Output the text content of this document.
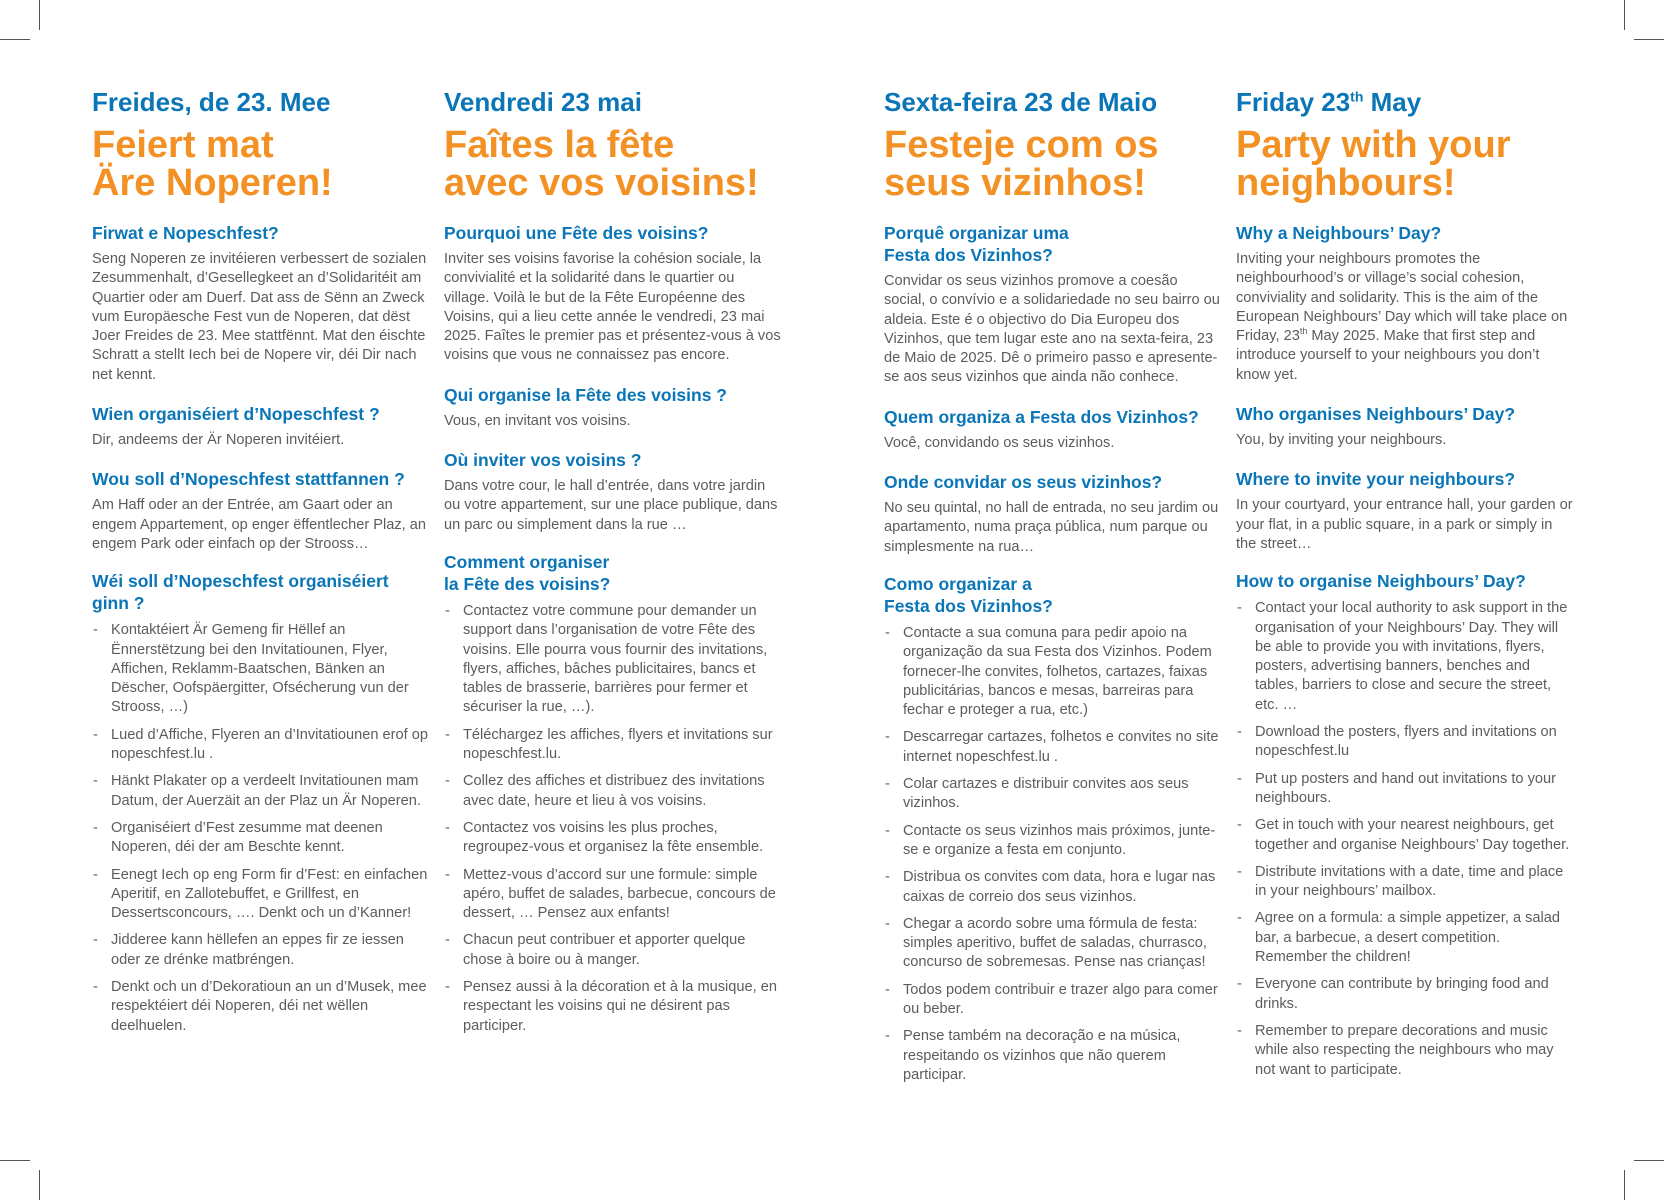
Freides, de 23. Mee

Feiert mat
Äre Noperen!
Firwat e Nopeschfest?

Seng Noperen ze invitéieren verbessert de sozialen Zesummenhalt, d’Gesellegkeet an d’Solidaritéit am Quartier oder am Duerf. Dat ass de Sënn an Zweck vum Europäesche Fest vun de Noperen, dat dëst Joer Freides de 23. Mee stattfënnt. Mat den éischte Schratt a stellt Iech bei de Nopere vir, déi Dir nach net kennt.

Wien organiséiert d’Nopeschfest ?

Dir, andeems der Är Noperen invitéiert.

Wou soll d’Nopeschfest stattfannen ?

Am Haff oder an der Entrée, am Gaart oder an engem Appartement, op enger ëffentlecher Plaz, an engem Park oder einfach op der Strooss…

Wéi soll d’Nopeschfest organiséiert
ginn ?
- Kontaktéiert Är Gemeng fir Hëllef an Ënnerstëtzung bei den Invitatiounen, Flyer, Affichen, Reklamm-Baatschen, Bänken an Dëscher, Oofspäergitter, Ofsécherung vun der Strooss, …)
- Lued d’Affiche, Flyeren an d’Invitatiounen erof op nopeschfest.lu .
- Hänkt Plakater op a verdeelt Invitatiounen mam Datum, der Auerzäit an der Plaz un Är Noperen.
- Organiséiert d’Fest zesumme mat deenen Noperen, déi der am Beschte kennt.
- Eenegt Iech op eng Form fir d’Fest: en einfachen Aperitif, en Zallotebuffet, e Grillfest, en Dessertsconcours, …. Denkt och un d’Kanner!
- Jidderee kann hëllefen an eppes fir ze iessen oder ze drénke matbréngen.
- Denkt och un d’Dekoratioun an un d’Musek, mee respektéiert déi Noperen, déi net wëllen deelhuelen.

Vendredi 23 mai

Faîtes la fête
avec vos voisins!
Pourquoi une Fête des voisins?

Inviter ses voisins favorise la cohésion sociale, la convivialité et la solidarité dans le quartier ou village. Voilà le but de la Fête Européenne des Voisins, qui a lieu cette année le vendredi, 23 mai 2025. Faîtes le premier pas et présentez-vous à vos voisins que vous ne connaissez pas encore.

Qui organise la Fête des voisins ?

Vous, en invitant vos voisins.

Où inviter vos voisins ?

Dans votre cour, le hall d’entrée, dans votre jardin ou votre appartement, sur une place publique, dans un parc ou simplement dans la rue …

Comment organiser
la Fête des voisins?
- Contactez votre commune pour demander un support dans l’organisation de votre Fête des voisins. Elle pourra vous fournir des invitations, flyers, affiches, bâches publicitaires, bancs et tables de brasserie, barrières pour fermer et sécuriser la rue, …).
- Téléchargez les affiches, flyers et invitations sur nopeschfest.lu.
- Collez des affiches et distribuez des invitations avec date, heure et lieu à vos voisins.
- Contactez vos voisins les plus proches, regroupez-vous et organisez la fête ensemble.
- Mettez-vous d’accord sur une formule: simple apéro, buffet de salades, barbecue, concours de dessert, … Pensez aux enfants!
- Chacun peut contribuer et apporter quelque chose à boire ou à manger.
- Pensez aussi à la décoration et à la musique, en respectant les voisins qui ne désirent pas participer.

Sexta-feira 23 de Maio

Festeje com os
seus vizinhos!
Porquê organizar uma
Festa dos Vizinhos?

Convidar os seus vizinhos promove a coesão social, o convívio e a solidariedade no seu bairro ou aldeia. Este é o objectivo do Dia Europeu dos Vizinhos, que tem lugar este ano na sexta-feira, 23 de Maio de 2025. Dê o primeiro passo e apresente-se aos seus vizinhos que ainda não conhece.

Quem organiza a Festa dos Vizinhos?

Você, convidando os seus vizinhos.

Onde convidar os seus vizinhos?

No seu quintal, no hall de entrada, no seu jardim ou apartamento, numa praça pública, num parque ou simplesmente na rua…

Como organizar a
Festa dos Vizinhos?
- Contacte a sua comuna para pedir apoio na organização da sua Festa dos Vizinhos. Podem fornecer-lhe convites, folhetos, cartazes, faixas publicitárias, bancos e mesas, barreiras para fechar e proteger a rua, etc.)
- Descarregar cartazes, folhetos e convites no site internet nopeschfest.lu .
- Colar cartazes e distribuir convites aos seus vizinhos.
- Contacte os seus vizinhos mais próximos, junte-se e organize a festa em conjunto.
- Distribua os convites com data, hora e lugar nas caixas de correio dos seus vizinhos.
- Chegar a acordo sobre uma fórmula de festa: simples aperitivo, buffet de saladas, churrasco, concurso de sobremesas. Pense nas crianças!
- Todos podem contribuir e trazer algo para comer ou beber.
- Pense também na decoração e na música, respeitando os vizinhos que não querem participar.

Friday 23th May

Party with your
neighbours!
Why a Neighbours’ Day?

Inviting your neighbours promotes the neighbourhood’s or village’s social cohesion, conviviality and solidarity. This is the aim of the European Neighbours’ Day which will take place on Friday, 23th May 2025. Make that first step and introduce yourself to your neighbours you don’t know yet.

Who organises Neighbours’ Day?

You, by inviting your neighbours.

Where to invite your neighbours?

In your courtyard, your entrance hall, your garden or your flat, in a public square, in a park or simply in the street…

How to organise Neighbours’ Day?
- Contact your local authority to ask support in the organisation of your Neighbours’ Day. They will be able to provide you with invitations, flyers, posters, advertising banners, benches and tables, barriers to close and secure the street, etc. …
- Download the posters, flyers and invitations on nopeschfest.lu
- Put up posters and hand out invitations to your neighbours.
- Get in touch with your nearest neighbours, get together and organise Neighbours’ Day together.
- Distribute invitations with a date, time and place in your neighbours’ mailbox.
- Agree on a formula: a simple appetizer, a salad bar, a barbecue, a desert competition. Remember the children!
- Everyone can contribute by bringing food and drinks.
- Remember to prepare decorations and music while also respecting the neighbours who may not want to participate.
